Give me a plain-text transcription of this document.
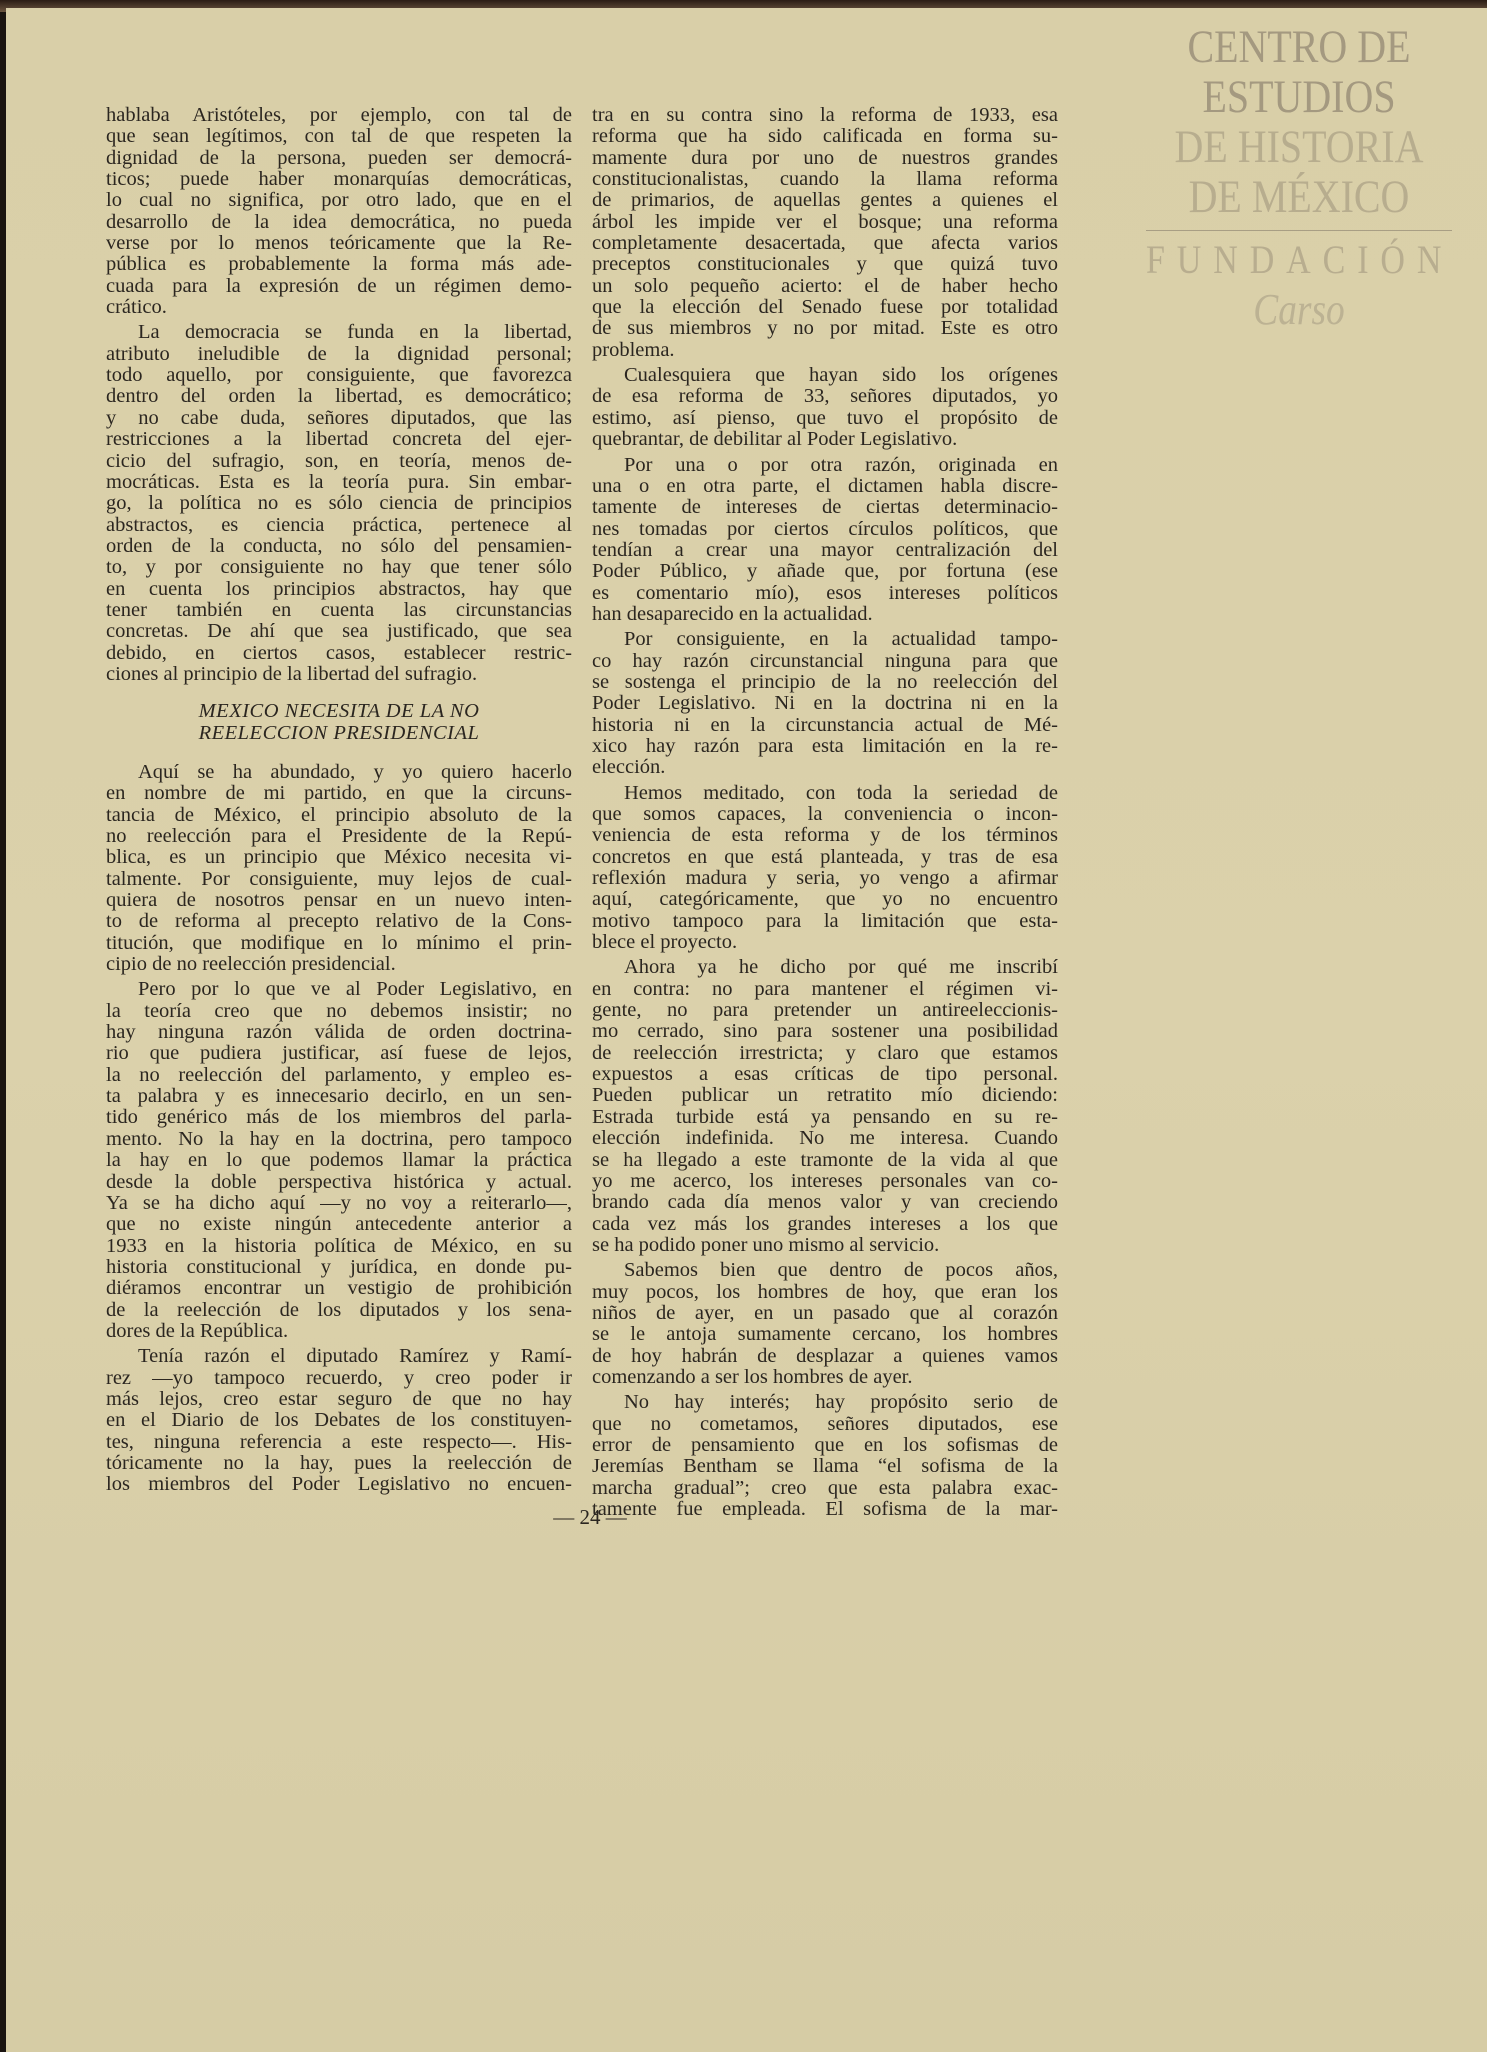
CENTRO DE
ESTUDIOS
DE HISTORIA
DE MÉXICO
FUNDACIÓN
Carso
hablaba Aristóteles, por ejemplo, con tal de
que sean legítimos, con tal de que respeten la
dignidad de la persona, pueden ser democrá-
ticos; puede haber monarquías democráticas,
lo cual no significa, por otro lado, que en el
desarrollo de la idea democrática, no pueda
verse por lo menos teóricamente que la Re-
pública es probablemente la forma más ade-
cuada para la expresión de un régimen demo-
crático.
La democracia se funda en la libertad,
atributo ineludible de la dignidad personal;
todo aquello, por consiguiente, que favorezca
dentro del orden la libertad, es democrático;
y no cabe duda, señores diputados, que las
restricciones a la libertad concreta del ejer-
cicio del sufragio, son, en teoría, menos de-
mocráticas. Esta es la teoría pura. Sin embar-
go, la política no es sólo ciencia de principios
abstractos, es ciencia práctica, pertenece al
orden de la conducta, no sólo del pensamien-
to, y por consiguiente no hay que tener sólo
en cuenta los principios abstractos, hay que
tener también en cuenta las circunstancias
concretas. De ahí que sea justificado, que sea
debido, en ciertos casos, establecer restric-
ciones al principio de la libertad del sufragio.
MEXICO NECESITA DE LA NO
REELECCION PRESIDENCIAL
Aquí se ha abundado, y yo quiero hacerlo
en nombre de mi partido, en que la circuns-
tancia de México, el principio absoluto de la
no reelección para el Presidente de la Repú-
blica, es un principio que México necesita vi-
talmente. Por consiguiente, muy lejos de cual-
quiera de nosotros pensar en un nuevo inten-
to de reforma al precepto relativo de la Cons-
titución, que modifique en lo mínimo el prin-
cipio de no reelección presidencial.
Pero por lo que ve al Poder Legislativo, en
la teoría creo que no debemos insistir; no
hay ninguna razón válida de orden doctrina-
rio que pudiera justificar, así fuese de lejos,
la no reelección del parlamento, y empleo es-
ta palabra y es innecesario decirlo, en un sen-
tido genérico más de los miembros del parla-
mento. No la hay en la doctrina, pero tampoco
la hay en lo que podemos llamar la práctica
desde la doble perspectiva histórica y actual.
Ya se ha dicho aquí —y no voy a reiterarlo—,
que no existe ningún antecedente anterior a
1933 en la historia política de México, en su
historia constitucional y jurídica, en donde pu-
diéramos encontrar un vestigio de prohibición
de la reelección de los diputados y los sena-
dores de la República.
Tenía razón el diputado Ramírez y Ramí-
rez —yo tampoco recuerdo, y creo poder ir
más lejos, creo estar seguro de que no hay
en el Diario de los Debates de los constituyen-
tes, ninguna referencia a este respecto—. His-
tóricamente no la hay, pues la reelección de
los miembros del Poder Legislativo no encuen-
tra en su contra sino la reforma de 1933, esa
reforma que ha sido calificada en forma su-
mamente dura por uno de nuestros grandes
constitucionalistas, cuando la llama reforma
de primarios, de aquellas gentes a quienes el
árbol les impide ver el bosque; una reforma
completamente desacertada, que afecta varios
preceptos constitucionales y que quizá tuvo
un solo pequeño acierto: el de haber hecho
que la elección del Senado fuese por totalidad
de sus miembros y no por mitad. Este es otro
problema.
Cualesquiera que hayan sido los orígenes
de esa reforma de 33, señores diputados, yo
estimo, así pienso, que tuvo el propósito de
quebrantar, de debilitar al Poder Legislativo.
Por una o por otra razón, originada en
una o en otra parte, el dictamen habla discre-
tamente de intereses de ciertas determinacio-
nes tomadas por ciertos círculos políticos, que
tendían a crear una mayor centralización del
Poder Público, y añade que, por fortuna (ese
es comentario mío), esos intereses políticos
han desaparecido en la actualidad.
Por consiguiente, en la actualidad tampo-
co hay razón circunstancial ninguna para que
se sostenga el principio de la no reelección del
Poder Legislativo. Ni en la doctrina ni en la
historia ni en la circunstancia actual de Mé-
xico hay razón para esta limitación en la re-
elección.
Hemos meditado, con toda la seriedad de
que somos capaces, la conveniencia o incon-
veniencia de esta reforma y de los términos
concretos en que está planteada, y tras de esa
reflexión madura y seria, yo vengo a afirmar
aquí, categóricamente, que yo no encuentro
motivo tampoco para la limitación que esta-
blece el proyecto.
Ahora ya he dicho por qué me inscribí
en contra: no para mantener el régimen vi-
gente, no para pretender un antireeleccionis-
mo cerrado, sino para sostener una posibilidad
de reelección irrestricta; y claro que estamos
expuestos a esas críticas de tipo personal.
Pueden publicar un retratito mío diciendo:
Estrada turbide está ya pensando en su re-
elección indefinida. No me interesa. Cuando
se ha llegado a este tramonte de la vida al que
yo me acerco, los intereses personales van co-
brando cada día menos valor y van creciendo
cada vez más los grandes intereses a los que
se ha podido poner uno mismo al servicio.
Sabemos bien que dentro de pocos años,
muy pocos, los hombres de hoy, que eran los
niños de ayer, en un pasado que al corazón
se le antoja sumamente cercano, los hombres
de hoy habrán de desplazar a quienes vamos
comenzando a ser los hombres de ayer.
No hay interés; hay propósito serio de
que no cometamos, señores diputados, ese
error de pensamiento que en los sofismas de
Jeremías Bentham se llama “el sofisma de la
marcha gradual”; creo que esta palabra exac-
tamente fue empleada. El sofisma de la mar-
— 24 —
